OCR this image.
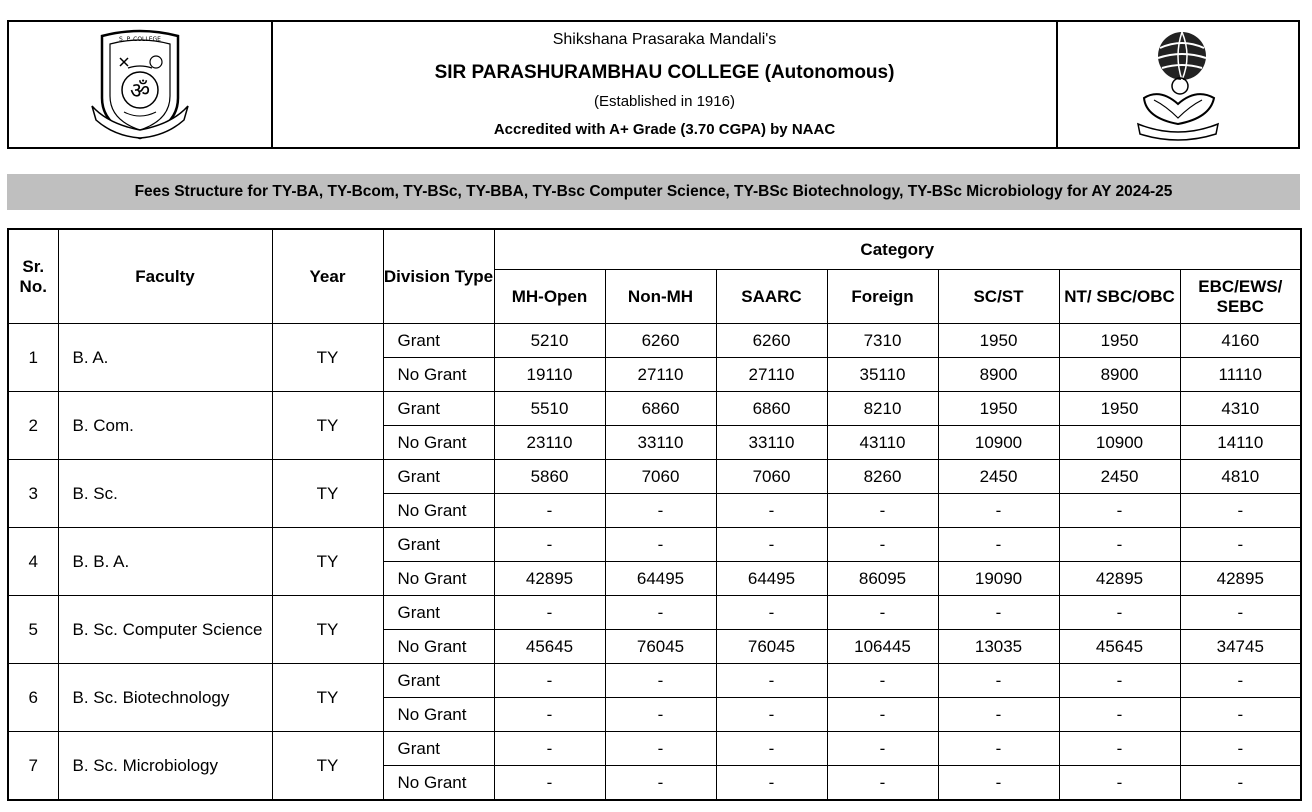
S. P. COLLEGE
ॐ
Shikshana Prasaraka Mandali's
SIR PARASHURAMBHAU COLLEGE (Autonomous)
(Established in 1916)
Accredited with A+ Grade (3.70 CGPA) by NAAC
Fees Structure for TY-BA, TY-Bcom, TY-BSc, TY-BBA, TY-Bsc Computer Science, TY-BSc Biotechnology, TY-BSc Microbiology for AY 2024-25
Sr.
No.	Faculty	Year	Division Type	Category						
				MH-Open	Non-MH	SAARC	Foreign	SC/ST	NT/ SBC/OBC	EBC/EWS/
SEBC
1	B. A.	TY	Grant	5210	6260	6260	7310	1950	1950	4160
			No Grant	19110	27110	27110	35110	8900	8900	11110
2	B. Com.	TY	Grant	5510	6860	6860	8210	1950	1950	4310
			No Grant	23110	33110	33110	43110	10900	10900	14110
3	B. Sc.	TY	Grant	5860	7060	7060	8260	2450	2450	4810
			No Grant	-	-	-	-	-	-	-
4	B. B. A.	TY	Grant	-	-	-	-	-	-	-
			No Grant	42895	64495	64495	86095	19090	42895	42895
5	B. Sc. Computer Science	TY	Grant	-	-	-	-	-	-	-
			No Grant	45645	76045	76045	106445	13035	45645	34745
6	B. Sc. Biotechnology	TY	Grant	-	-	-	-	-	-	-
			No Grant	-	-	-	-	-	-	-
7	B. Sc. Microbiology	TY	Grant	-	-	-	-	-	-	-
			No Grant	-	-	-	-	-	-	-
